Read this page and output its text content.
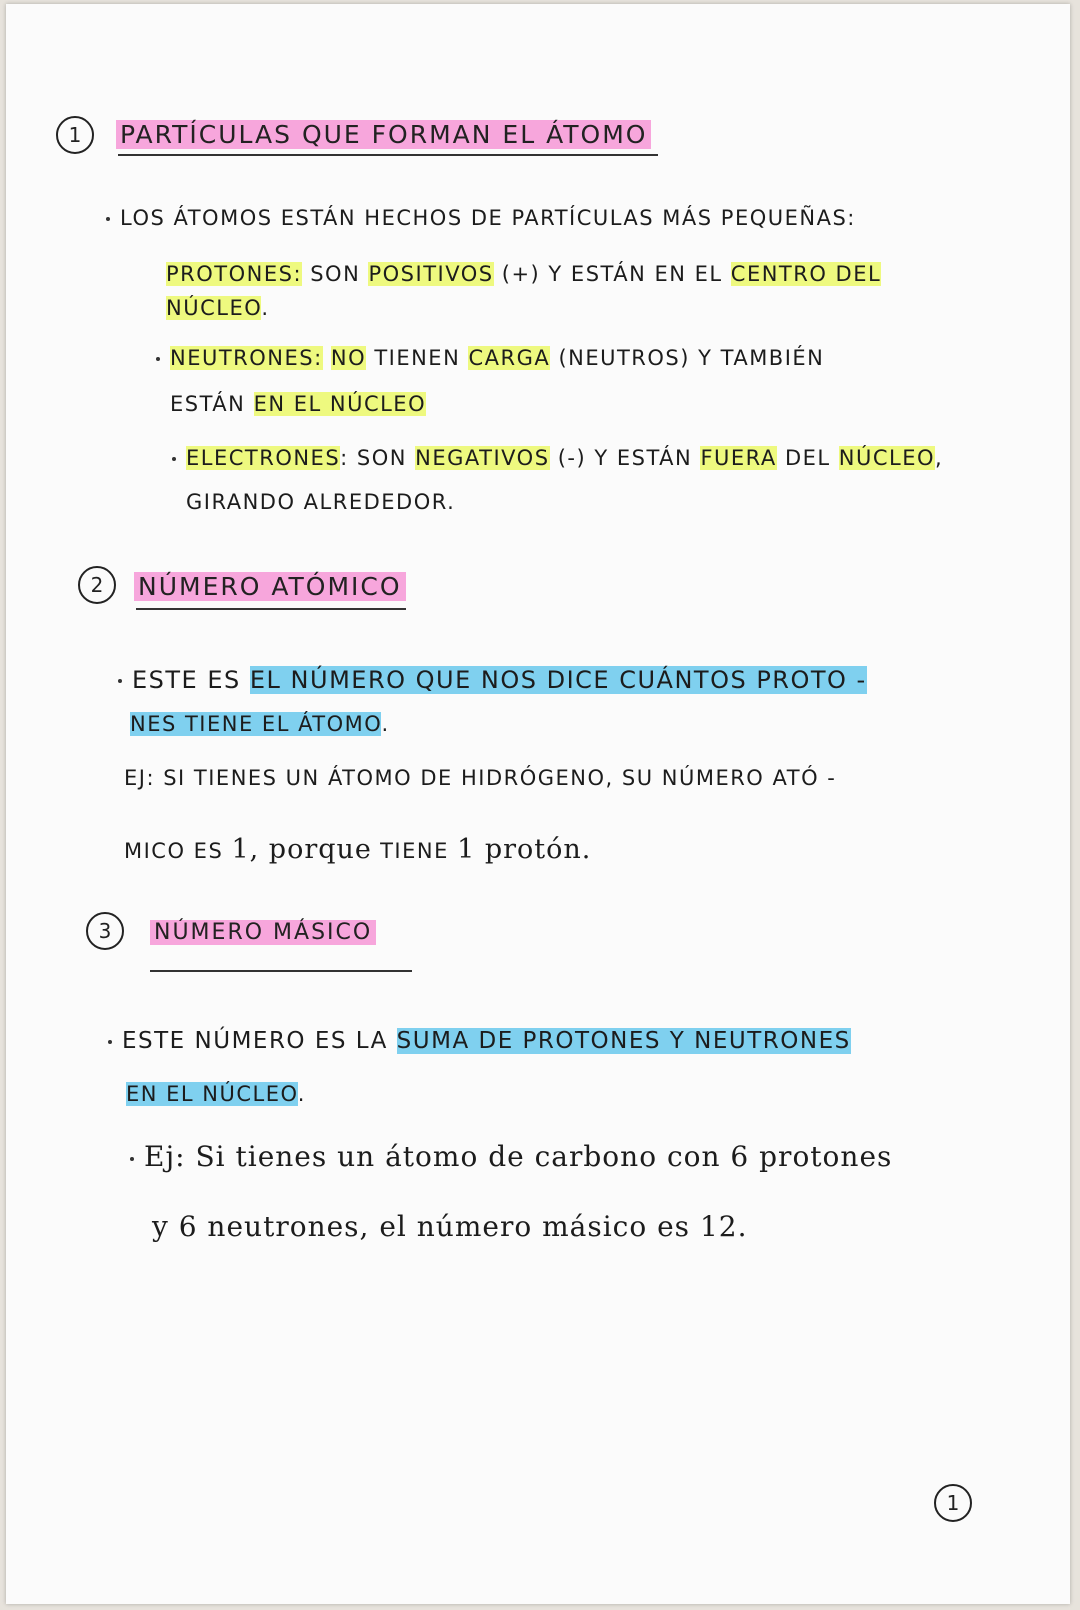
1	PARTÍCULAS QUE FORMAN EL ÁTOMO
LOS ÁTOMOS ESTÁN HECHOS DE PARTÍCULAS MÁS PEQUEÑAS:
PROTONES: SON POSITIVOS (+) Y ESTÁN EN EL CENTRO DEL
NÚCLEO.
NEUTRONES: NO TIENEN CARGA (NEUTROS) Y TAMBIÉN
ESTÁN EN EL NÚCLEO
ELECTRONES: SON NEGATIVOS (-) Y ESTÁN FUERA DEL NÚCLEO,
GIRANDO ALREDEDOR.
2	NÚMERO ATÓMICO
ESTE ES EL NÚMERO QUE NOS DICE CUÁNTOS PROTO -
NES TIENE EL ÁTOMO.
EJ: SI TIENES UN ÁTOMO DE HIDRÓGENO, SU NÚMERO ATÓ -
MICO ES 1, porque TIENE 1 protón.
3	NÚMERO MÁSICO
ESTE NÚMERO ES LA SUMA DE PROTONES Y NEUTRONES
EN EL NÚCLEO.
Ej: Si tienes un átomo de carbono con 6 protones
y 6 neutrones, el número másico es 12.
1
